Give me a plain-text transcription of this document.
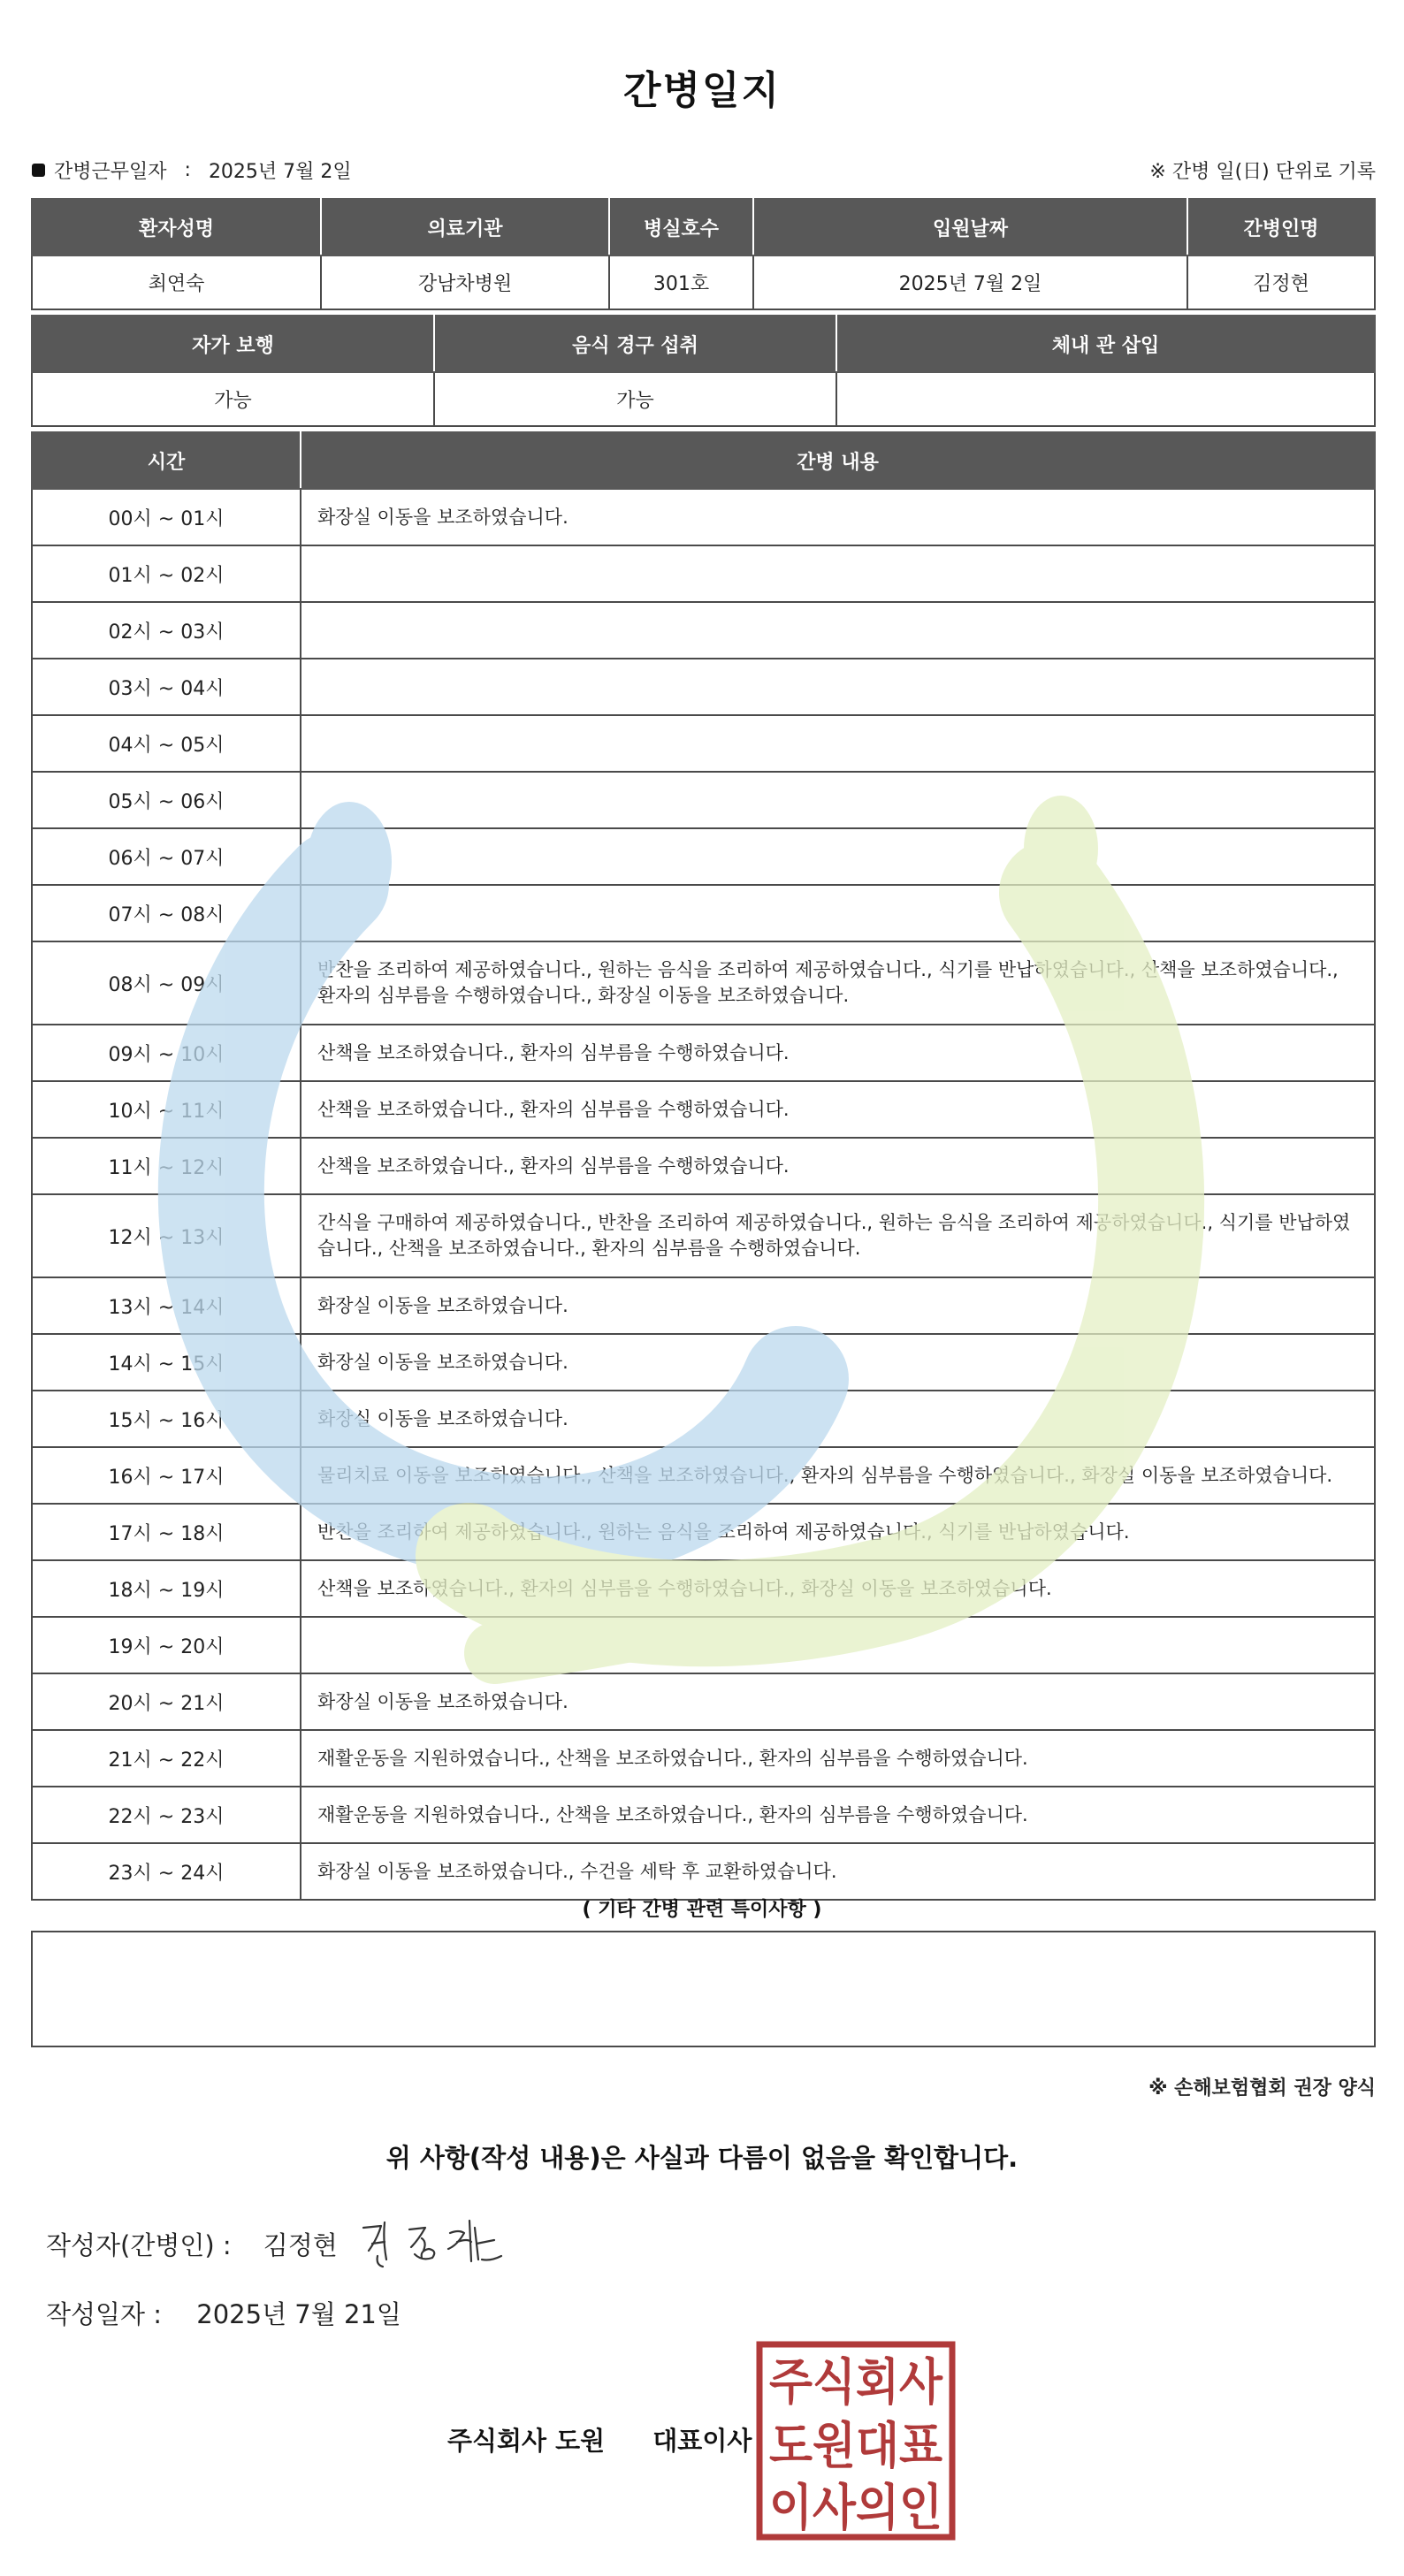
간병일지
간병근무일자 : 2025년 7월 2일	※ 간병 일(日) 단위로 기록
환자성명	의료기관	병실호수	입원날짜	간병인명
최연숙	강남차병원	301호	2025년 7월 2일	김정현
자가 보행	음식 경구 섭취	체내 관 삽입
가능	가능	
시간	간병 내용
00시 ~ 01시	화장실 이동을 보조하였습니다.
01시 ~ 02시	
02시 ~ 03시	
03시 ~ 04시	
04시 ~ 05시	
05시 ~ 06시	
06시 ~ 07시	
07시 ~ 08시	
08시 ~ 09시	반찬을 조리하여 제공하였습니다., 원하는 음식을 조리하여 제공하였습니다., 식기를 반납하였습니다., 산책을 보조하였습니다., 환자의 심부름을 수행하였습니다., 화장실 이동을 보조하였습니다.
09시 ~ 10시	산책을 보조하였습니다., 환자의 심부름을 수행하였습니다.
10시 ~ 11시	산책을 보조하였습니다., 환자의 심부름을 수행하였습니다.
11시 ~ 12시	산책을 보조하였습니다., 환자의 심부름을 수행하였습니다.
12시 ~ 13시	간식을 구매하여 제공하였습니다., 반찬을 조리하여 제공하였습니다., 원하는 음식을 조리하여 제공하였습니다., 식기를 반납하였습니다., 산책을 보조하였습니다., 환자의 심부름을 수행하였습니다.
13시 ~ 14시	화장실 이동을 보조하였습니다.
14시 ~ 15시	화장실 이동을 보조하였습니다.
15시 ~ 16시	화장실 이동을 보조하였습니다.
16시 ~ 17시	물리치료 이동을 보조하였습니다., 산책을 보조하였습니다., 환자의 심부름을 수행하였습니다., 화장실 이동을 보조하였습니다.
17시 ~ 18시	반찬을 조리하여 제공하였습니다., 원하는 음식을 조리하여 제공하였습니다., 식기를 반납하였습니다.
18시 ~ 19시	산책을 보조하였습니다., 환자의 심부름을 수행하였습니다., 화장실 이동을 보조하였습니다.
19시 ~ 20시	
20시 ~ 21시	화장실 이동을 보조하였습니다.
21시 ~ 22시	재활운동을 지원하였습니다., 산책을 보조하였습니다., 환자의 심부름을 수행하였습니다.
22시 ~ 23시	재활운동을 지원하였습니다., 산책을 보조하였습니다., 환자의 심부름을 수행하였습니다.
23시 ~ 24시	화장실 이동을 보조하였습니다., 수건을 세탁 후 교환하였습니다.
( 기타 간병 관련 특이사항 )
※ 손해보험협회 권장 양식
위 사항(작성 내용)은 사실과 다름이 없음을 확인합니다.
작성자(간병인) : 김정현
작성일자 : 2025년 7월 21일
주식회사 도원 대표이사
주식회사
도원대표
이사의인
